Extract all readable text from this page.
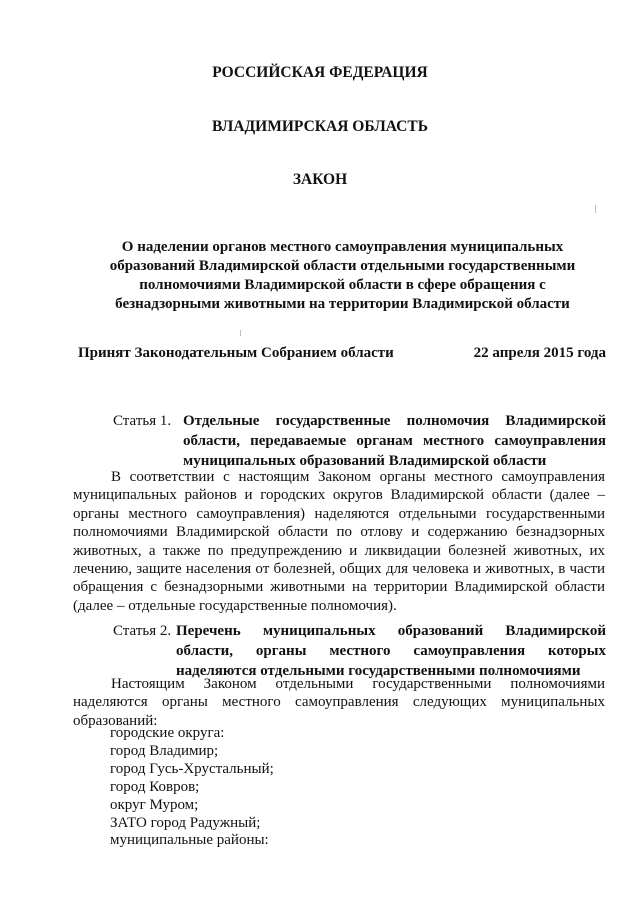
РОССИЙСКАЯ ФЕДЕРАЦИЯ
ВЛАДИМИРСКАЯ ОБЛАСТЬ
ЗАКОН
О наделении органов местного самоуправления муниципальных образований Владимирской области отдельными государственными полномочиями Владимирской области в сфере обращения с безнадзорными животными на территории Владимирской области
Принят Законодательным Собранием области	22 апреля 2015 года
Статья 1. Отдельные государственные полномочия Владимирской области, передаваемые органам местного самоуправления муниципальных образований Владимирской области

В соответствии с настоящим Законом органы местного самоуправления муниципальных районов и городских округов Владимирской области (далее – органы местного самоуправления) наделяются отдельными государственными полномочиями Владимирской области по отлову и содержанию безнадзорных животных, а также по предупреждению и ликвидации болезней животных, их лечению, защите населения от болезней, общих для человека и животных, в части обращения с безнадзорными животными на территории Владимирской области (далее – отдельные государственные полномочия).

Статья 2. Перечень муниципальных образований Владимирской области, органы местного самоуправления которых наделяются отдельными государственными полномочиями

Настоящим Законом отдельными государственными полномочиями наделяются органы местного самоуправления следующих муниципальных образований:

городские округа:
город Владимир;
город Гусь-Хрустальный;
город Ковров;
округ Муром;
ЗАТО город Радужный;
муниципальные районы:
